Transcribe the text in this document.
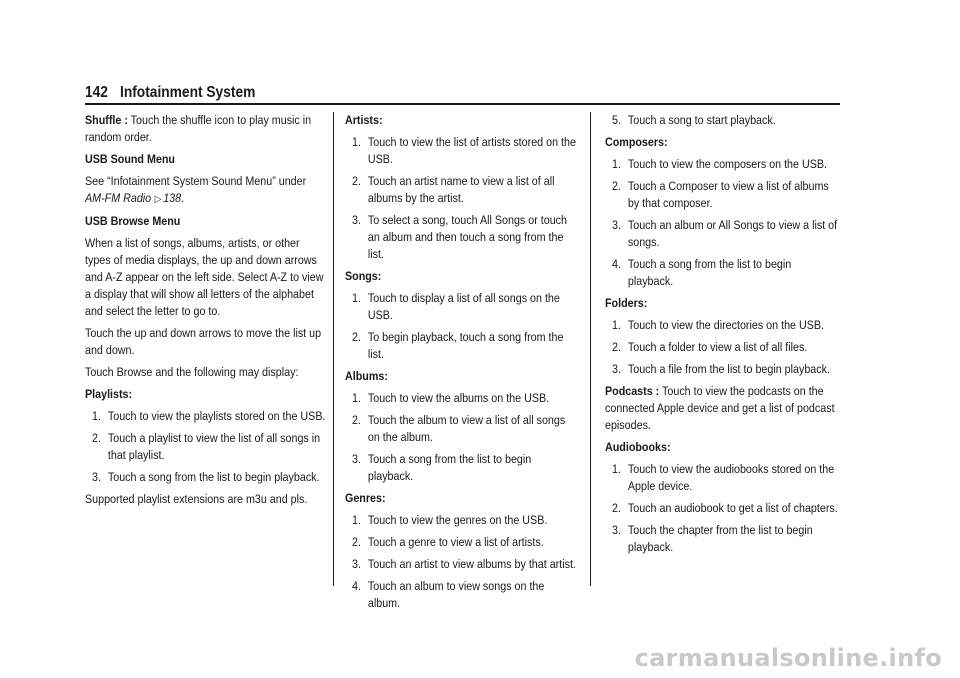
142 Infotainment System

Shuffle : Touch the shuffle icon to play music in random order.

USB Sound Menu

See “Infotainment System Sound Menu” under AM-FM Radio ▷ 138.

USB Browse Menu

When a list of songs, albums, artists, or other types of media displays, the up and down arrows and A-Z appear on the left side. Select A-Z to view a display that will show all letters of the alphabet and select the letter to go to.

Touch the up and down arrows to move the list up and down.

Touch Browse and the following may display:

Playlists:
1. Touch to view the playlists stored on the USB.
2. Touch a playlist to view the list of all songs in that playlist.
3. Touch a song from the list to begin playback.

Supported playlist extensions are m3u and pls.

Artists:
1. Touch to view the list of artists stored on the USB.
2. Touch an artist name to view a list of all albums by the artist.
3. To select a song, touch All Songs or touch an album and then touch a song from the list.
Songs:
1. Touch to display a list of all songs on the USB.
2. To begin playback, touch a song from the list.
Albums:
1. Touch to view the albums on the USB.
2. Touch the album to view a list of all songs on the album.
3. Touch a song from the list to begin playback.
Genres:
1. Touch to view the genres on the USB.
2. Touch a genre to view a list of artists.
3. Touch an artist to view albums by that artist.
4. Touch an album to view songs on the album.
5. Touch a song to start playback.
Composers:
1. Touch to view the composers on the USB.
2. Touch a Composer to view a list of albums by that composer.
3. Touch an album or All Songs to view a list of songs.
4. Touch a song from the list to begin playback.
Folders:
1. Touch to view the directories on the USB.
2. Touch a folder to view a list of all files.
3. Touch a file from the list to begin playback.

Podcasts : Touch to view the podcasts on the connected Apple device and get a list of podcast episodes.

Audiobooks:
1. Touch to view the audiobooks stored on the Apple device.
2. Touch an audiobook to get a list of chapters.
3. Touch the chapter from the list to begin playback.
carmanualsonline.info
